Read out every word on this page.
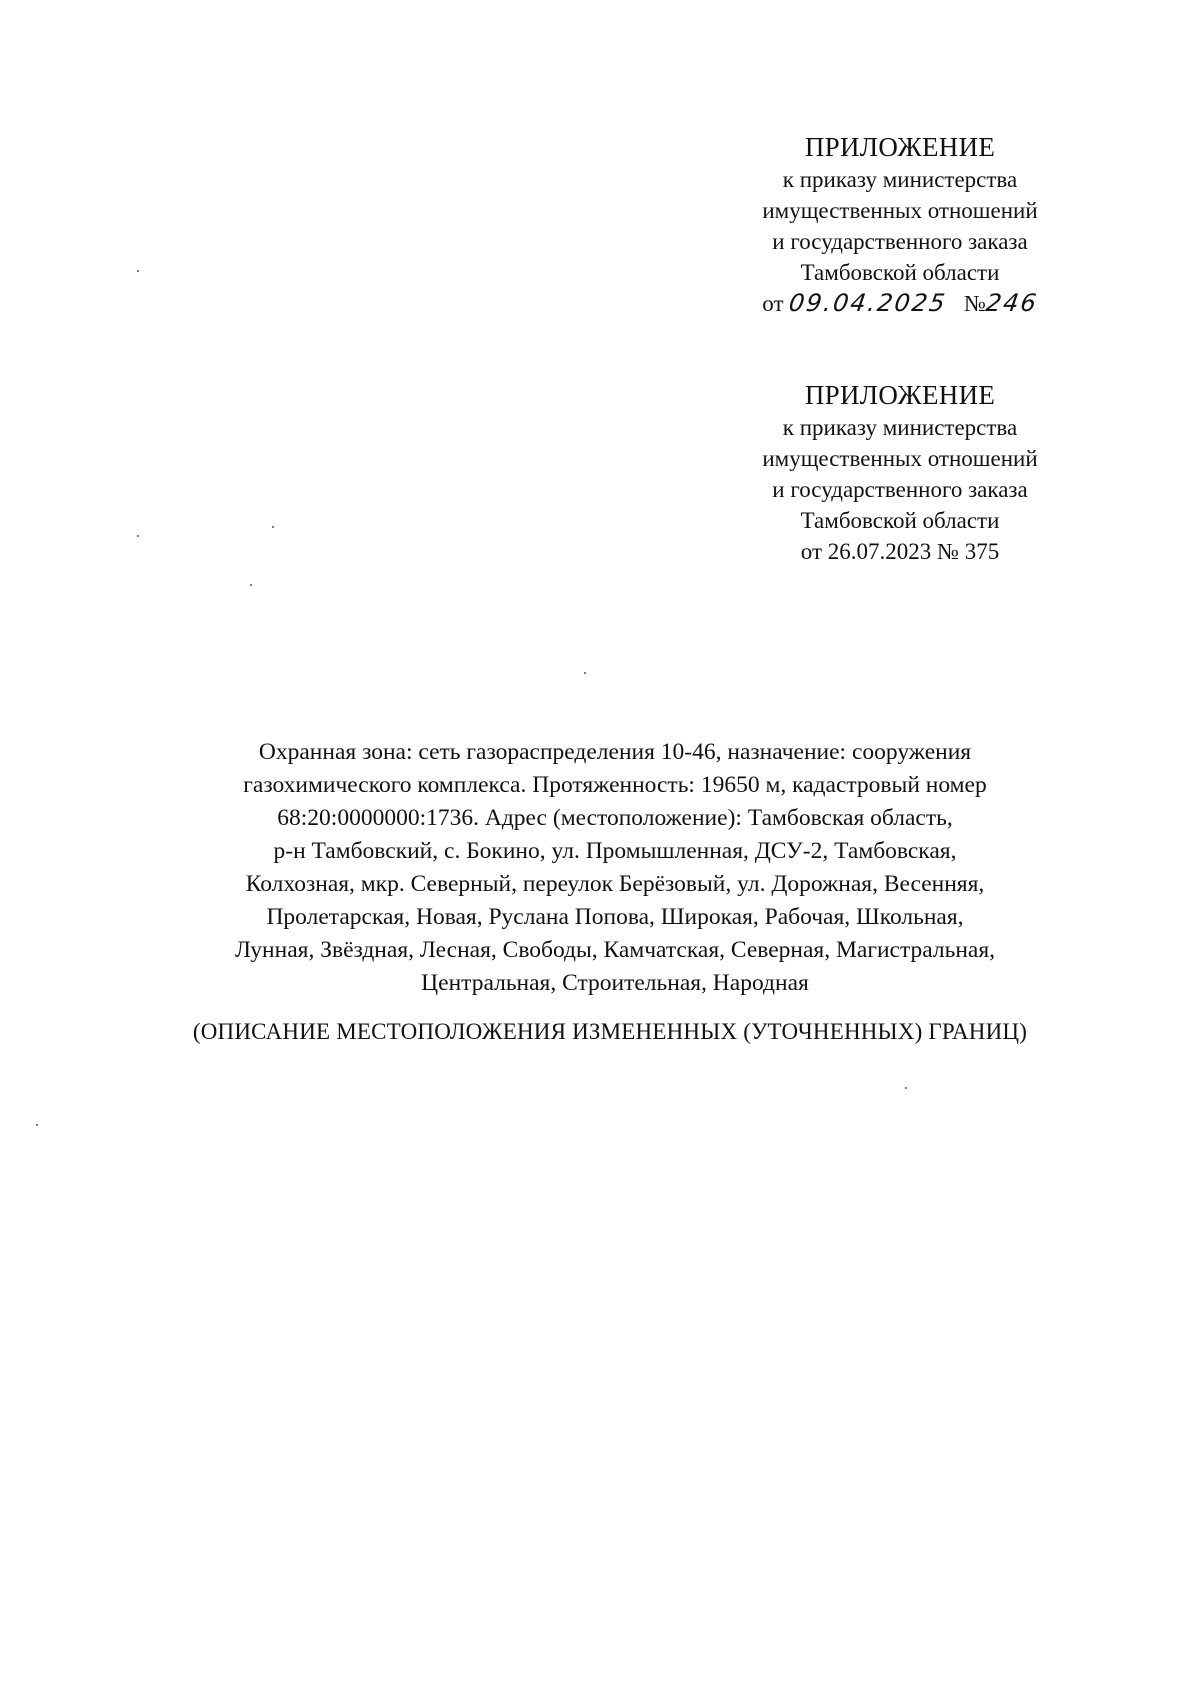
ПРИЛОЖЕНИЕ
к приказу министерства
имущественных отношений
и государственного заказа
Тамбовской области
от 09.04.2025 №246
ПРИЛОЖЕНИЕ
к приказу министерства
имущественных отношений
и государственного заказа
Тамбовской области
от 26.07.2023 № 375
Охранная зона: сеть газораспределения 10-46, назначение: сооружения
газохимического комплекса. Протяженность: 19650 м, кадастровый номер
68:20:0000000:1736. Адрес (местоположение): Тамбовская область,
р-н Тамбовский, с. Бокино, ул. Промышленная, ДСУ-2, Тамбовская,
Колхозная, мкр. Северный, переулок Берёзовый, ул. Дорожная, Весенняя,
Пролетарская, Новая, Руслана Попова, Широкая, Рабочая, Школьная,
Лунная, Звёздная, Лесная, Свободы, Камчатская, Северная, Магистральная,
Центральная, Строительная, Народная
(ОПИСАНИЕ МЕСТОПОЛОЖЕНИЯ ИЗМЕНЕННЫХ (УТОЧНЕННЫХ) ГРАНИЦ)
